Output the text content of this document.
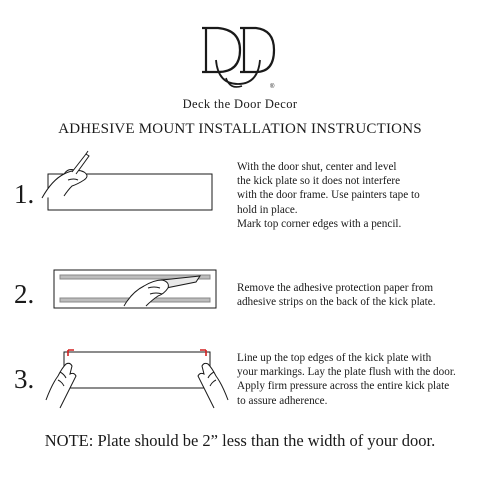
®
Deck the Door Decor
ADHESIVE MOUNT INSTALLATION INSTRUCTIONS
1.
With the door shut, center and level
the kick plate so it does not interfere
with the door frame. Use painters tape to
hold in place.
Mark top corner edges with a pencil.
2.	Remove the adhesive protection paper from
adhesive strips on the back of the kick plate.
3.
Line up the top edges of the kick plate with
your markings. Lay the plate flush with the door.
Apply firm pressure across the entire kick plate
to assure adherence.
NOTE: Plate should be 2” less than the width of your door.
